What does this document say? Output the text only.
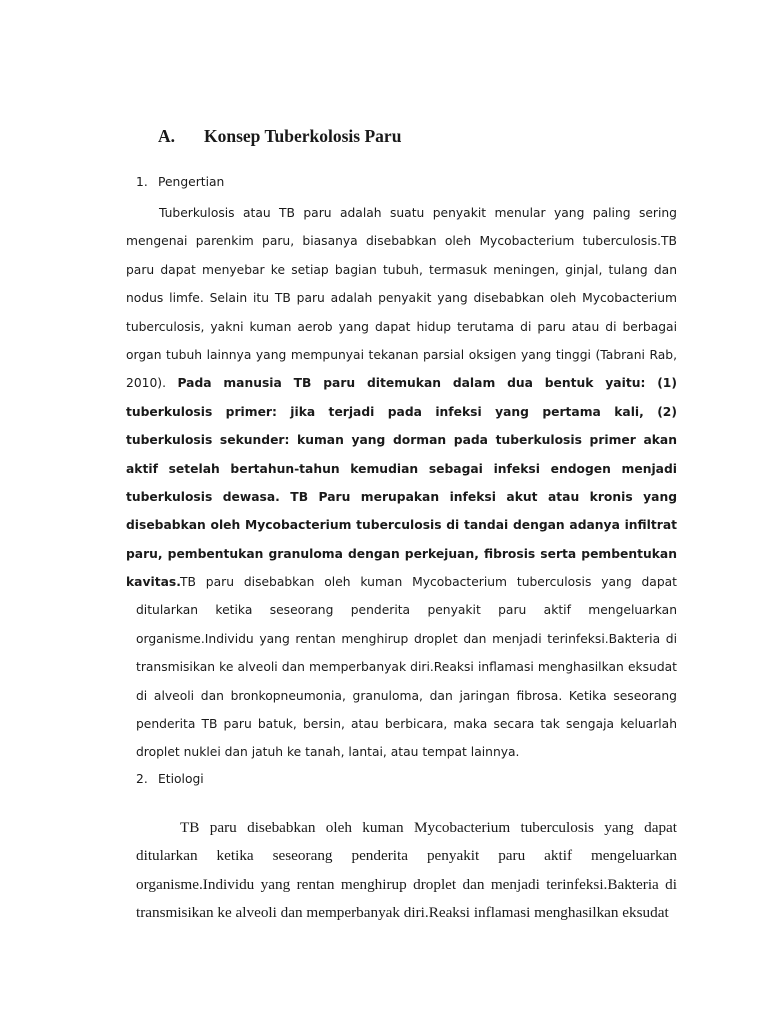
A. Konsep Tuberkolosis Paru
1. Pengertian

Tuberkulosis atau TB paru adalah suatu penyakit menular yang paling sering mengenai parenkim paru, biasanya disebabkan oleh Mycobacterium tuberculosis.TB paru dapat menyebar ke setiap bagian tubuh, termasuk meningen, ginjal, tulang dan nodus limfe. Selain itu TB paru adalah penyakit yang disebabkan oleh Mycobacterium tuberculosis, yakni kuman aerob yang dapat hidup terutama di paru atau di berbagai organ tubuh lainnya yang mempunyai tekanan parsial oksigen yang tinggi (Tabrani Rab, 2010). Pada manusia TB paru ditemukan dalam dua bentuk yaitu: (1) tuberkulosis primer: jika terjadi pada infeksi yang pertama kali, (2) tuberkulosis sekunder: kuman yang dorman pada tuberkulosis primer akan aktif setelah bertahun-tahun kemudian sebagai infeksi endogen menjadi tuberkulosis dewasa. TB Paru merupakan infeksi akut atau kronis yang disebabkan oleh Mycobacterium tuberculosis di tandai dengan adanya infiltrat paru, pembentukan granuloma dengan perkejuan, fibrosis serta pembentukan kavitas. TB paru disebabkan oleh kuman Mycobacterium tuberculosis yang dapat ditularkan ketika seseorang penderita penyakit paru aktif mengeluarkan organisme.Individu yang rentan menghirup droplet dan menjadi terinfeksi.Bakteria di transmisikan ke alveoli dan memperbanyak diri.Reaksi inflamasi menghasilkan eksudat di alveoli dan bronkopneumonia, granuloma, dan jaringan fibrosa. Ketika seseorang penderita TB paru batuk, bersin, atau berbicara, maka secara tak sengaja keluarlah droplet nuklei dan jatuh ke tanah, lantai, atau tempat lainnya.

2. Etiologi

TB paru disebabkan oleh kuman Mycobacterium tuberculosis yang dapat ditularkan ketika seseorang penderita penyakit paru aktif mengeluarkan organisme.Individu yang rentan menghirup droplet dan menjadi terinfeksi.Bakteria di transmisikan ke alveoli dan memperbanyak diri.Reaksi inflamasi menghasilkan eksudat
